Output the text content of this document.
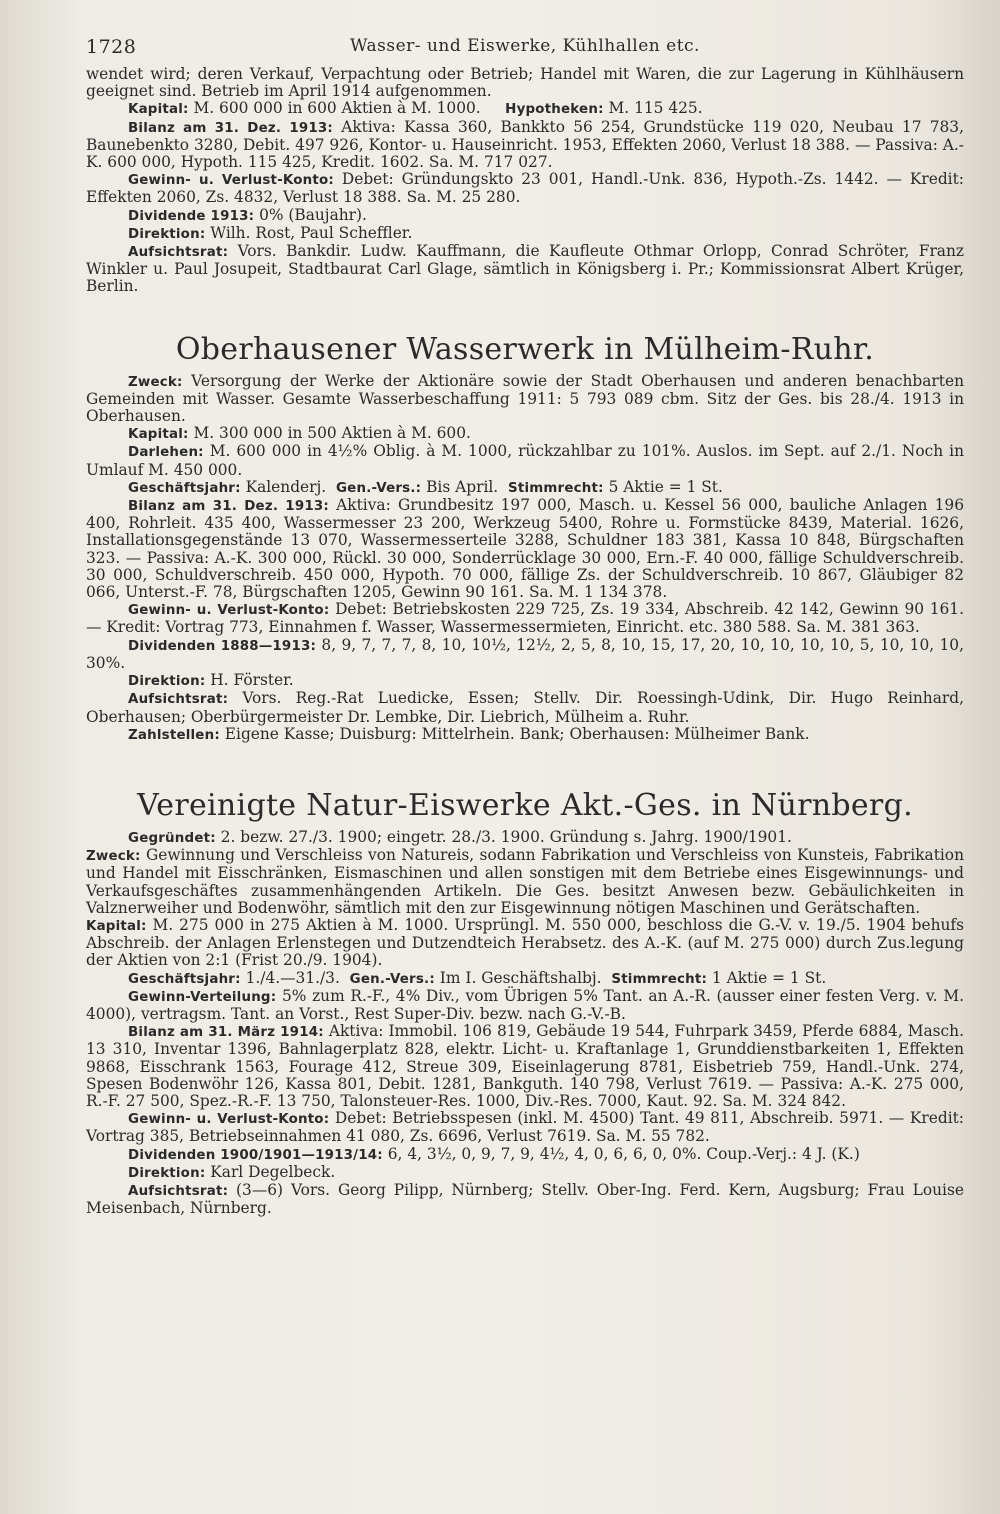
1728	Wasser- und Eiswerke, Kühlhallen etc.

wendet wird; deren Verkauf, Verpachtung oder Betrieb; Handel mit Waren, die zur Lagerung in Kühlhäusern geeignet sind. Betrieb im April 1914 aufgenommen.

Kapital: M. 600 000 in 600 Aktien à M. 1000. Hypotheken: M. 115 425.

Bilanz am 31. Dez. 1913: Aktiva: Kassa 360, Bankkto 56 254, Grundstücke 119 020, Neubau 17 783, Baunebenkto 3280, Debit. 497 926, Kontor- u. Hauseinricht. 1953, Effekten 2060, Verlust 18 388. — Passiva: A.-K. 600 000, Hypoth. 115 425, Kredit. 1602. Sa. M. 717 027.

Gewinn- u. Verlust-Konto: Debet: Gründungskto 23 001, Handl.-Unk. 836, Hypoth.-Zs. 1442. — Kredit: Effekten 2060, Zs. 4832, Verlust 18 388. Sa. M. 25 280.

Dividende 1913: 0% (Baujahr).

Direktion: Wilh. Rost, Paul Scheffler.

Aufsichtsrat: Vors. Bankdir. Ludw. Kauffmann, die Kaufleute Othmar Orlopp, Conrad Schröter, Franz Winkler u. Paul Josupeit, Stadtbaurat Carl Glage, sämtlich in Königsberg i. Pr.; Kommissionsrat Albert Krüger, Berlin.

Oberhausener Wasserwerk in Mülheim-Ruhr.

Zweck: Versorgung der Werke der Aktionäre sowie der Stadt Oberhausen und anderen benachbarten Gemeinden mit Wasser. Gesamte Wasserbeschaffung 1911: 5 793 089 cbm. Sitz der Ges. bis 28./4. 1913 in Oberhausen.

Kapital: M. 300 000 in 500 Aktien à M. 600.

Darlehen: M. 600 000 in 4½% Oblig. à M. 1000, rückzahlbar zu 101%. Auslos. im Sept. auf 2./1. Noch in Umlauf M. 450 000.

Geschäftsjahr: Kalenderj. Gen.-Vers.: Bis April. Stimmrecht: 5 Aktie = 1 St.

Bilanz am 31. Dez. 1913: Aktiva: Grundbesitz 197 000, Masch. u. Kessel 56 000, bauliche Anlagen 196 400, Rohrleit. 435 400, Wassermesser 23 200, Werkzeug 5400, Rohre u. Formstücke 8439, Material. 1626, Installationsgegenstände 13 070, Wassermesserteile 3288, Schuldner 183 381, Kassa 10 848, Bürgschaften 323. — Passiva: A.-K. 300 000, Rückl. 30 000, Sonderrücklage 30 000, Ern.-F. 40 000, fällige Schuldverschreib. 30 000, Schuldverschreib. 450 000, Hypoth. 70 000, fällige Zs. der Schuldverschreib. 10 867, Gläubiger 82 066, Unterst.-F. 78, Bürgschaften 1205, Gewinn 90 161. Sa. M. 1 134 378.

Gewinn- u. Verlust-Konto: Debet: Betriebskosten 229 725, Zs. 19 334, Abschreib. 42 142, Gewinn 90 161. — Kredit: Vortrag 773, Einnahmen f. Wasser, Wassermessermieten, Einricht. etc. 380 588. Sa. M. 381 363.

Dividenden 1888—1913: 8, 9, 7, 7, 7, 8, 10, 10½, 12½, 2, 5, 8, 10, 15, 17, 20, 10, 10, 10, 10, 5, 10, 10, 10, 30%.

Direktion: H. Förster.

Aufsichtsrat: Vors. Reg.-Rat Luedicke, Essen; Stellv. Dir. Roessingh-Udink, Dir. Hugo Reinhard, Oberhausen; Oberbürgermeister Dr. Lembke, Dir. Liebrich, Mülheim a. Ruhr.

Zahlstellen: Eigene Kasse; Duisburg: Mittelrhein. Bank; Oberhausen: Mülheimer Bank.

Vereinigte Natur-Eiswerke Akt.-Ges. in Nürnberg.

Gegründet: 2. bezw. 27./3. 1900; eingetr. 28./3. 1900. Gründung s. Jahrg. 1900/1901.

Zweck: Gewinnung und Verschleiss von Natureis, sodann Fabrikation und Verschleiss von Kunsteis, Fabrikation und Handel mit Eisschränken, Eismaschinen und allen sonstigen mit dem Betriebe eines Eisgewinnungs- und Verkaufsgeschäftes zusammenhängenden Artikeln. Die Ges. besitzt Anwesen bezw. Gebäulichkeiten in Valznerweiher und Bodenwöhr, sämtlich mit den zur Eisgewinnung nötigen Maschinen und Gerätschaften.

Kapital: M. 275 000 in 275 Aktien à M. 1000. Ursprüngl. M. 550 000, beschloss die G.-V. v. 19./5. 1904 behufs Abschreib. der Anlagen Erlenstegen und Dutzendteich Herabsetz. des A.-K. (auf M. 275 000) durch Zus.legung der Aktien von 2:1 (Frist 20./9. 1904).

Geschäftsjahr: 1./4.—31./3. Gen.-Vers.: Im I. Geschäftshalbj. Stimmrecht: 1 Aktie = 1 St.

Gewinn-Verteilung: 5% zum R.-F., 4% Div., vom Übrigen 5% Tant. an A.-R. (ausser einer festen Verg. v. M. 4000), vertragsm. Tant. an Vorst., Rest Super-Div. bezw. nach G.-V.-B.

Bilanz am 31. März 1914: Aktiva: Immobil. 106 819, Gebäude 19 544, Fuhrpark 3459, Pferde 6884, Masch. 13 310, Inventar 1396, Bahnlagerplatz 828, elektr. Licht- u. Kraftanlage 1, Grunddienstbarkeiten 1, Effekten 9868, Eisschrank 1563, Fourage 412, Streue 309, Eiseinlagerung 8781, Eisbetrieb 759, Handl.-Unk. 274, Spesen Bodenwöhr 126, Kassa 801, Debit. 1281, Bankguth. 140 798, Verlust 7619. — Passiva: A.-K. 275 000, R.-F. 27 500, Spez.-R.-F. 13 750, Talonsteuer-Res. 1000, Div.-Res. 7000, Kaut. 92. Sa. M. 324 842.

Gewinn- u. Verlust-Konto: Debet: Betriebsspesen (inkl. M. 4500) Tant. 49 811, Abschreib. 5971. — Kredit: Vortrag 385, Betriebseinnahmen 41 080, Zs. 6696, Verlust 7619. Sa. M. 55 782.

Dividenden 1900/1901—1913/14: 6, 4, 3½, 0, 9, 7, 9, 4½, 4, 0, 6, 6, 0, 0%. Coup.-Verj.: 4 J. (K.)

Direktion: Karl Degelbeck.

Aufsichtsrat: (3—6) Vors. Georg Pilipp, Nürnberg; Stellv. Ober-Ing. Ferd. Kern, Augsburg; Frau Louise Meisenbach, Nürnberg.
